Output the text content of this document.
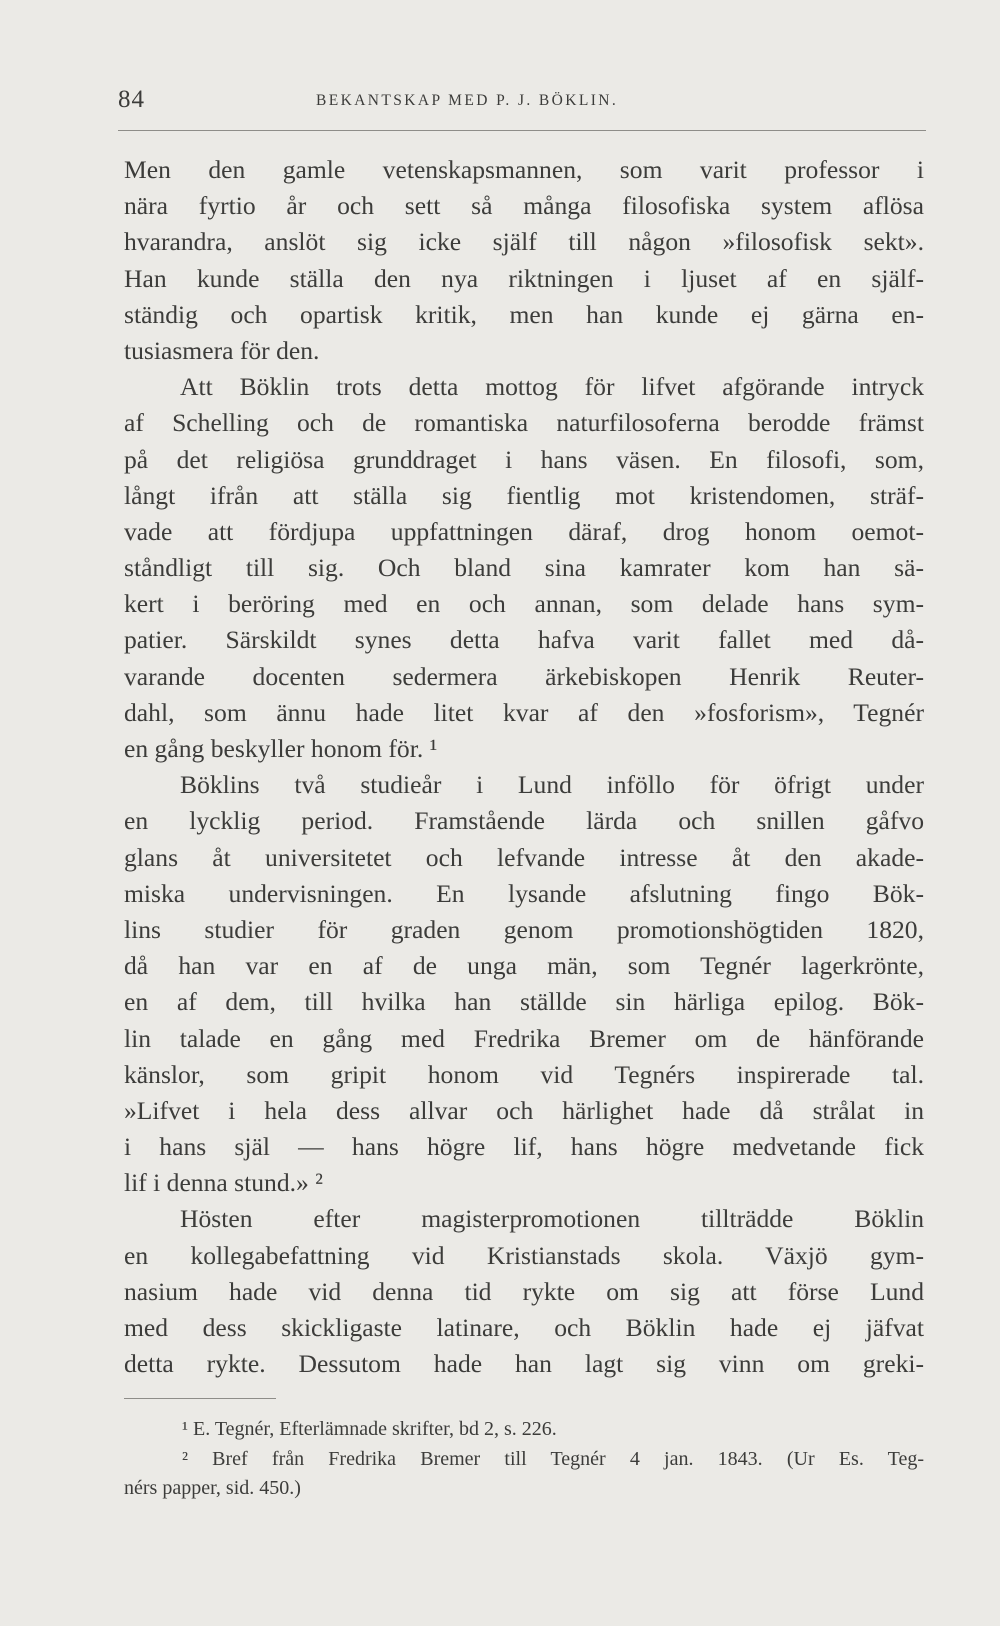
84	BEKANTSKAP MED P. J. BÖKLIN.
Men den gamle vetenskapsmannen, som varit professor i
nära fyrtio år och sett så många filosofiska system aflösa
hvarandra, anslöt sig icke själf till någon »filosofisk sekt».
Han kunde ställa den nya riktningen i ljuset af en själf-
ständig och opartisk kritik, men han kunde ej gärna en-
tusiasmera för den.
Att Böklin trots detta mottog för lifvet afgörande intryck
af Schelling och de romantiska naturfilosoferna berodde främst
på det religiösa grunddraget i hans väsen. En filosofi, som,
långt ifrån att ställa sig fientlig mot kristendomen, sträf-
vade att fördjupa uppfattningen däraf, drog honom oemot-
ståndligt till sig. Och bland sina kamrater kom han sä-
kert i beröring med en och annan, som delade hans sym-
patier. Särskildt synes detta hafva varit fallet med då-
varande docenten sedermera ärkebiskopen Henrik Reuter-
dahl, som ännu hade litet kvar af den »fosforism», Tegnér
en gång beskyller honom för. ¹
Böklins två studieår i Lund inföllo för öfrigt under
en lycklig period. Framstående lärda och snillen gåfvo
glans åt universitetet och lefvande intresse åt den akade-
miska undervisningen. En lysande afslutning fingo Bök-
lins studier för graden genom promotionshögtiden 1820,
då han var en af de unga män, som Tegnér lagerkrönte,
en af dem, till hvilka han ställde sin härliga epilog. Bök-
lin talade en gång med Fredrika Bremer om de hänförande
känslor, som gripit honom vid Tegnérs inspirerade tal.
»Lifvet i hela dess allvar och härlighet hade då strålat in
i hans själ — hans högre lif, hans högre medvetande fick
lif i denna stund.» ²
Hösten efter magisterpromotionen tillträdde Böklin
en kollegabefattning vid Kristianstads skola. Växjö gym-
nasium hade vid denna tid rykte om sig att förse Lund
med dess skickligaste latinare, och Böklin hade ej jäfvat
detta rykte. Dessutom hade han lagt sig vinn om greki-
¹ E. Tegnér, Efterlämnade skrifter, bd 2, s. 226.
² Bref från Fredrika Bremer till Tegnér 4 jan. 1843. (Ur Es. Teg-
nérs papper, sid. 450.)
